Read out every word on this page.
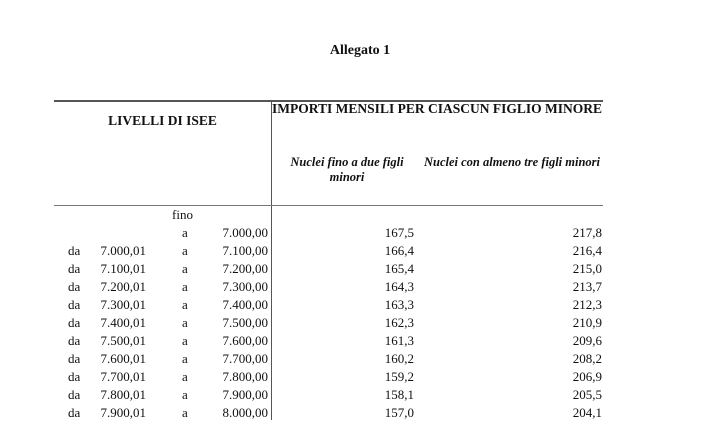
Allegato 1
LIVELLI DI ISEE
IMPORTI MENSILI PER CIASCUN FIGLIO MINORE
Nuclei fino a due figli minori
Nuclei con almeno tre figli minori
fino
a	7.000,00	167,5	217,8
da 7.000,01	a	7.100,00	166,4	216,4
da 7.100,01	a	7.200,00	165,4	215,0
da 7.200,01	a	7.300,00	164,3	213,7
da 7.300,01	a	7.400,00	163,3	212,3
da 7.400,01	a	7.500,00	162,3	210,9
da 7.500,01	a	7.600,00	161,3	209,6
da 7.600,01	a	7.700,00	160,2	208,2
da 7.700,01	a	7.800,00	159,2	206,9
da 7.800,01	a	7.900,00	158,1	205,5
da 7.900,01	a	8.000,00	157,0	204,1
